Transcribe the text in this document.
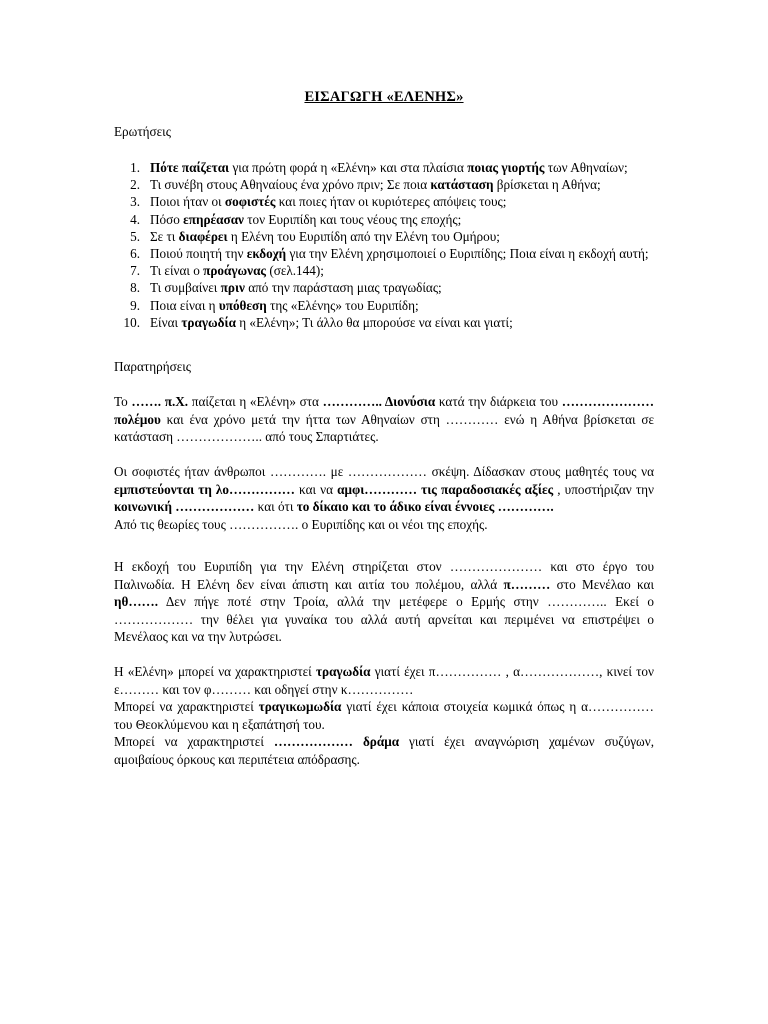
ΕΙΣΑΓΩΓΗ «ΕΛΕΝΗΣ»
Ερωτήσεις
1. Πότε παίζεται για πρώτη φορά η «Ελένη» και στα πλαίσια ποιας γιορτής των Αθηναίων;
2. Τι συνέβη στους Αθηναίους ένα χρόνο πριν; Σε ποια κατάσταση βρίσκεται η Αθήνα;
3. Ποιοι ήταν οι σοφιστές και ποιες ήταν οι κυριότερες απόψεις τους;
4. Πόσο επηρέασαν τον Ευριπίδη και τους νέους της εποχής;
5. Σε τι διαφέρει η Ελένη του Ευριπίδη από την Ελένη του Ομήρου;
6. Ποιού ποιητή την εκδοχή για την Ελένη χρησιμοποιεί ο Ευριπίδης; Ποια είναι η εκδοχή αυτή;
7. Τι είναι ο προάγωνας (σελ.144);
8. Τι συμβαίνει πριν από την παράσταση μιας τραγωδίας;
9. Ποια είναι η υπόθεση της «Ελένης» του Ευριπίδη;
10. Είναι τραγωδία η «Ελένη»; Τι άλλο θα μπορούσε να είναι και γιατί;
Παρατηρήσεις
Το ……. π.Χ. παίζεται η «Ελένη» στα ………….. Διονύσια κατά την διάρκεια του ………………… πολέμου και ένα χρόνο μετά την ήττα των Αθηναίων στη ………… ενώ η Αθήνα βρίσκεται σε κατάσταση ……………….. από τους Σπαρτιάτες.
Οι σοφιστές ήταν άνθρωποι …………. με ……………… σκέψη. Δίδασκαν στους μαθητές τους να εμπιστεύονται τη λο…………… και να αμφι………… τις παραδοσιακές αξίες , υποστήριζαν την κοινωνική ……………… και ότι το δίκαιο και το άδικο είναι έννοιες ………….
Από τις θεωρίες τους ……………. ο Ευριπίδης και οι νέοι της εποχής.
Η εκδοχή του Ευριπίδη για την Ελένη στηρίζεται στον ………………… και στο έργο του Παλινωδία. Η Ελένη δεν είναι άπιστη και αιτία του πολέμου, αλλά π……… στο Μενέλαο και ηθ……. Δεν πήγε ποτέ στην Τροία, αλλά την μετέφερε ο Ερμής στην ………….. Εκεί ο ……………… την θέλει για γυναίκα του αλλά αυτή αρνείται και περιμένει να επιστρέψει ο Μενέλαος και να την λυτρώσει.
Η «Ελένη» μπορεί να χαρακτηριστεί τραγωδία γιατί έχει π…………… , α………………, κινεί τον ε……… και τον φ……… και οδηγεί στην κ……………
Μπορεί να χαρακτηριστεί τραγικωμωδία γιατί έχει κάποια στοιχεία κωμικά όπως η α…………… του Θεοκλύμενου και η εξαπάτησή του.
Μπορεί να χαρακτηριστεί ……………… δράμα γιατί έχει αναγνώριση χαμένων συζύγων, αμοιβαίους όρκους και περιπέτεια απόδρασης.
